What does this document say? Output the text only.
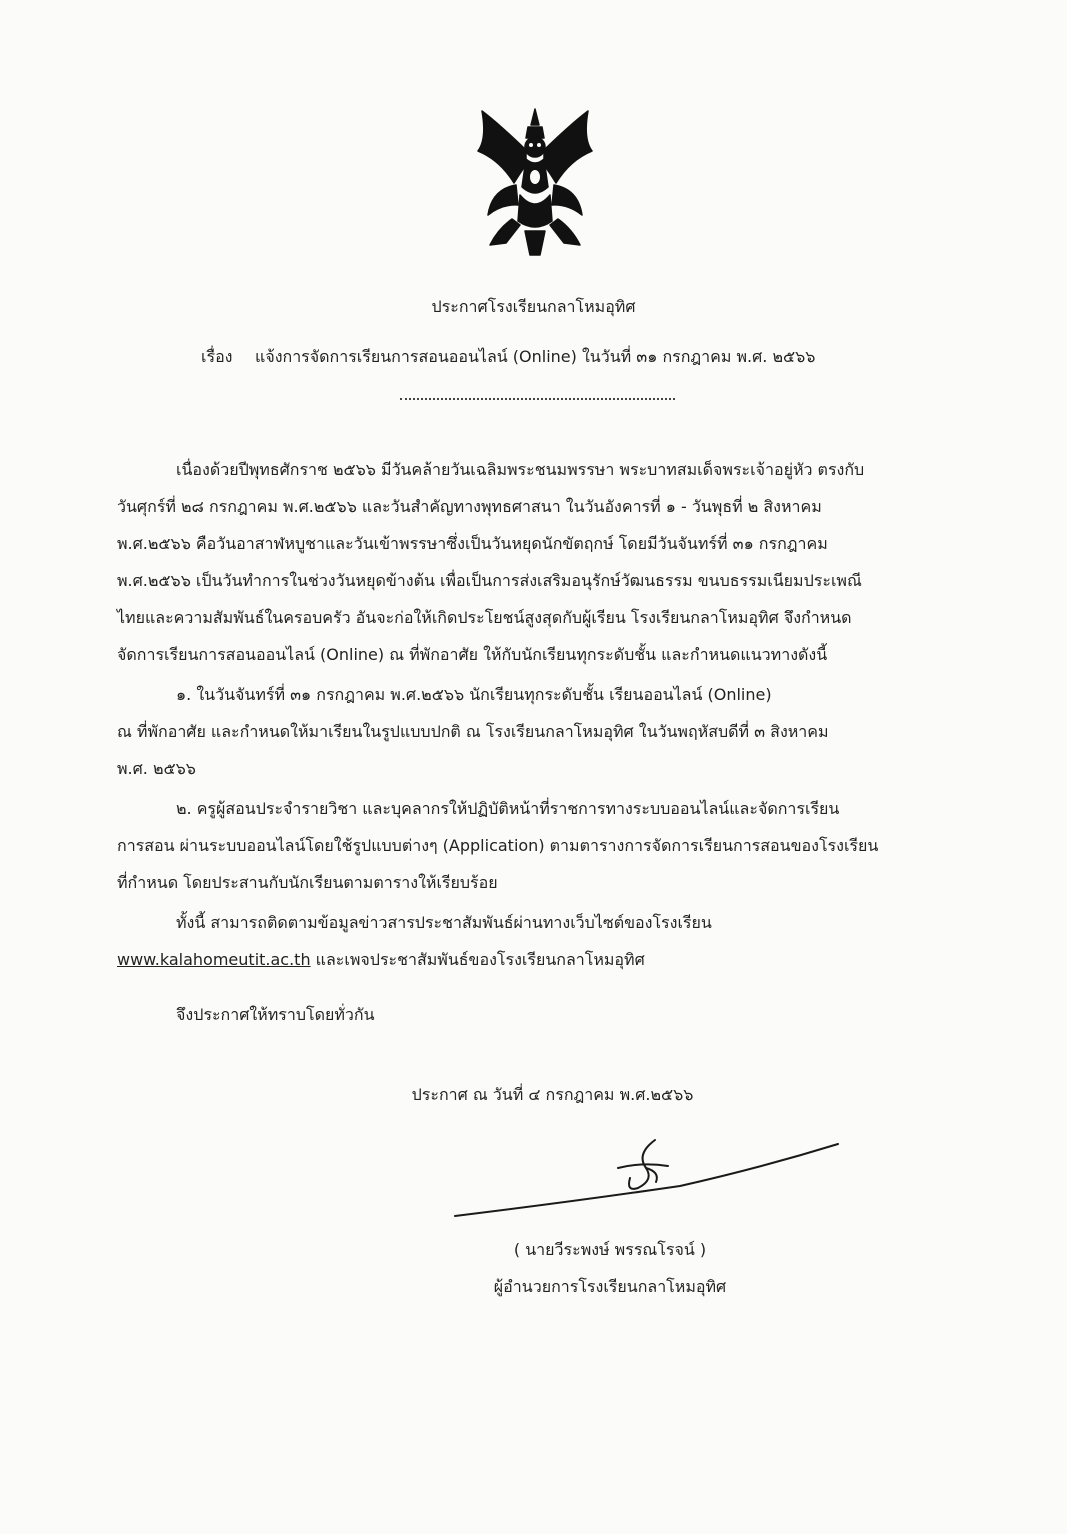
ประกาศโรงเรียนกลาโหมอุทิศ
เรื่อง แจ้งการจัดการเรียนการสอนออนไลน์ (Online) ในวันที่ ๓๑ กรกฎาคม พ.ศ. ๒๕๖๖
เนื่องด้วยปีพุทธศักราช ๒๕๖๖ มีวันคล้ายวันเฉลิมพระชนมพรรษา พระบาทสมเด็จพระเจ้าอยู่หัว ตรงกับ
วันศุกร์ที่ ๒๘ กรกฎาคม พ.ศ.๒๕๖๖ และวันสำคัญทางพุทธศาสนา ในวันอังคารที่ ๑ - วันพุธที่ ๒ สิงหาคม
พ.ศ.๒๕๖๖ คือวันอาสาฬหบูชาและวันเข้าพรรษาซึ่งเป็นวันหยุดนักขัตฤกษ์ โดยมีวันจันทร์ที่ ๓๑ กรกฎาคม
พ.ศ.๒๕๖๖ เป็นวันทำการในช่วงวันหยุดข้างต้น เพื่อเป็นการส่งเสริมอนุรักษ์วัฒนธรรม ขนบธรรมเนียมประเพณี
ไทยและความสัมพันธ์ในครอบครัว อันจะก่อให้เกิดประโยชน์สูงสุดกับผู้เรียน โรงเรียนกลาโหมอุทิศ จึงกำหนด
จัดการเรียนการสอนออนไลน์ (Online) ณ ที่พักอาศัย ให้กับนักเรียนทุกระดับชั้น และกำหนดแนวทางดังนี้
๑. ในวันจันทร์ที่ ๓๑ กรกฎาคม พ.ศ.๒๕๖๖ นักเรียนทุกระดับชั้น เรียนออนไลน์ (Online)
ณ ที่พักอาศัย และกำหนดให้มาเรียนในรูปแบบปกติ ณ โรงเรียนกลาโหมอุทิศ ในวันพฤหัสบดีที่ ๓ สิงหาคม
พ.ศ. ๒๕๖๖
๒. ครูผู้สอนประจำรายวิชา และบุคลากรให้ปฏิบัติหน้าที่ราชการทางระบบออนไลน์และจัดการเรียน
การสอน ผ่านระบบออนไลน์โดยใช้รูปแบบต่างๆ (Application) ตามตารางการจัดการเรียนการสอนของโรงเรียน
ที่กำหนด โดยประสานกับนักเรียนตามตารางให้เรียบร้อย
ทั้งนี้ สามารถติดตามข้อมูลข่าวสารประชาสัมพันธ์ผ่านทางเว็บไซต์ของโรงเรียน
www.kalahomeutit.ac.th และเพจประชาสัมพันธ์ของโรงเรียนกลาโหมอุทิศ
จึงประกาศให้ทราบโดยทั่วกัน
ประกาศ ณ วันที่ ๔ กรกฎาคม พ.ศ.๒๕๖๖
( นายวีระพงษ์ พรรณโรจน์ )
ผู้อำนวยการโรงเรียนกลาโหมอุทิศ
